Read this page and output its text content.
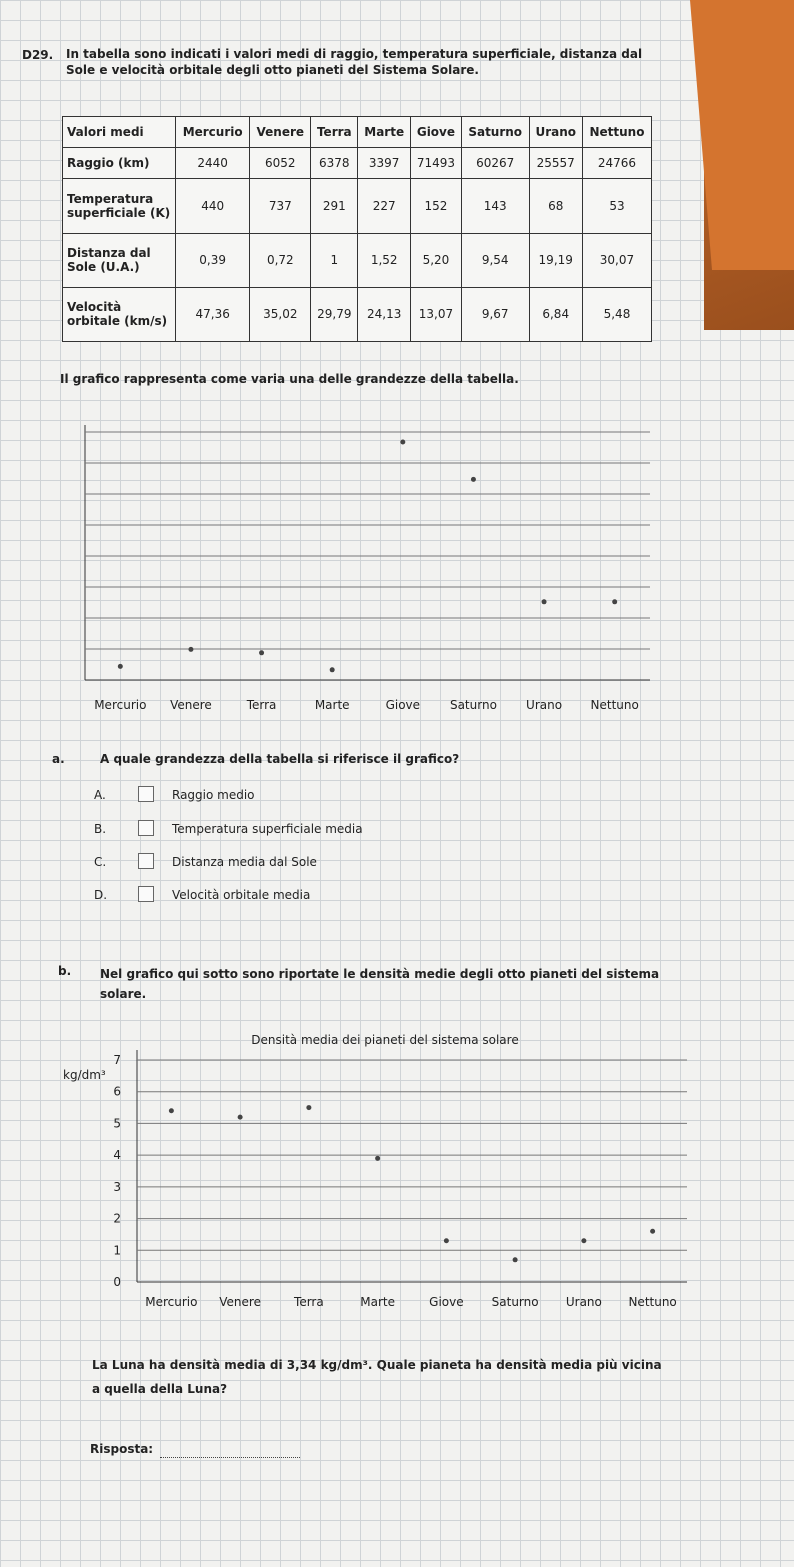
D29. In tabella sono indicati i valori medi di raggio, temperatura superficiale, distanza dal Sole e velocità orbitale degli otto pianeti del Sistema Solare.
Valori medi	Mercurio	Venere	Terra	Marte	Giove	Saturno	Urano	Nettuno
Raggio (km)	2440	6052	6378	3397	71493	60267	25557	24766
Temperatura superficiale (K)	440	737	291	227	152	143	68	53
Distanza dal Sole (U.A.)	0,39	0,72	1	1,52	5,20	9,54	19,19	30,07
Velocità orbitale (km/s)	47,36	35,02	29,79	24,13	13,07	9,67	6,84	5,48
Il grafico rappresenta come varia una delle grandezze della tabella.
Mercurio Venere	Terra	Marte	Giove Saturno Urano Nettuno
a.	A quale grandezza della tabella si riferisce il grafico?
A.	Raggio medio
B.	Temperatura superficiale media
C.	Distanza media dal Sole
D.	Velocità orbitale media
b. Nel grafico qui sotto sono riportate le densità medie degli otto pianeti del sistema solare.
Densità media dei pianeti del sistema solare
kg/dm³
0
1
2
3
4
5
6
7
Mercurio Venere	Terra	Marte	Giove Saturno Urano Nettuno
La Luna ha densità media di 3,34 kg/dm³. Quale pianeta ha densità media più vicina
a quella della Luna?
Risposta:
